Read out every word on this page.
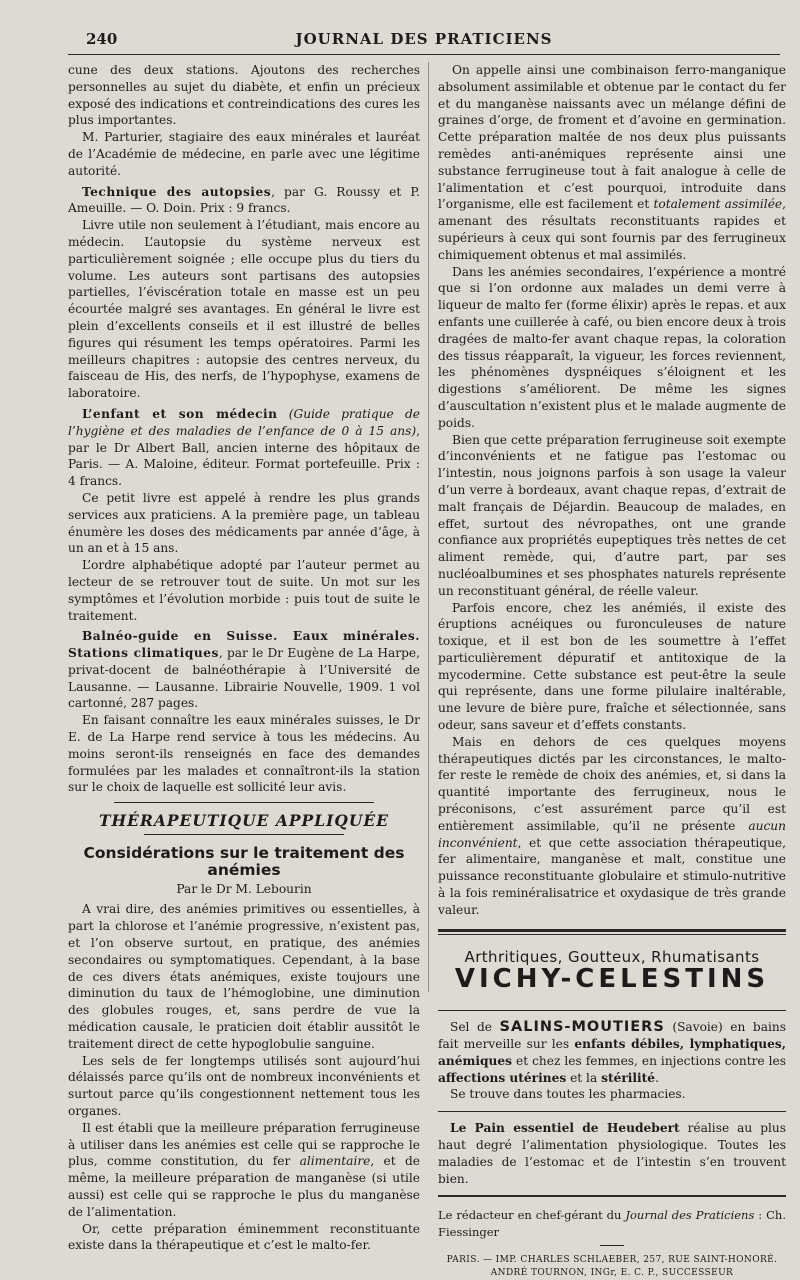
240	JOURNAL DES PRATICIENS

cune des deux stations. Ajoutons des recherches personnelles au sujet du diabète, et enfin un précieux exposé des indications et contreindications des cures les plus importantes.

M. Parturier, stagiaire des eaux minérales et lauréat de l’Académie de médecine, en parle avec une légitime autorité.

Technique des autopsies, par G. Roussy et P. Ameuille. — O. Doin. Prix : 9 francs.

Livre utile non seulement à l’étudiant, mais encore au médecin. L’autopsie du système nerveux est particulièrement soignée ; elle occupe plus du tiers du volume. Les auteurs sont partisans des autopsies partielles, l’éviscération totale en masse est un peu écourtée malgré ses avantages. En général le livre est plein d’excellents conseils et il est illustré de belles figures qui résument les temps opératoires. Parmi les meilleurs chapitres : autopsie des centres nerveux, du faisceau de His, des nerfs, de l’hypophyse, examens de laboratoire.

L’enfant et son médecin (Guide pratique de l’hygiène et des maladies de l’enfance de 0 à 15 ans), par le Dr Albert Ball, ancien interne des hôpitaux de Paris. — A. Maloine, éditeur. Format portefeuille. Prix : 4 francs.

Ce petit livre est appelé à rendre les plus grands services aux praticiens. A la première page, un tableau énumère les doses des médicaments par année d’âge, à un an et à 15 ans.

L’ordre alphabétique adopté par l’auteur permet au lecteur de se retrouver tout de suite. Un mot sur les symptômes et l’évolution morbide : puis tout de suite le traitement.

Balnéo-guide en Suisse. Eaux minérales. Stations climatiques, par le Dr Eugène de La Harpe, privat-docent de balnéothérapie à l’Université de Lausanne. — Lausanne. Librairie Nouvelle, 1909. 1 vol cartonné, 287 pages.

En faisant connaître les eaux minérales suisses, le Dr E. de La Harpe rend service à tous les médecins. Au moins seront-ils renseignés en face des demandes formulées par les malades et connaîtront-ils la station sur le choix de laquelle est sollicité leur avis.

THÉRAPEUTIQUE APPLIQUÉE

Considérations sur le traitement des anémies

Par le Dr M. Lebourin

A vrai dire, des anémies primitives ou essentielles, à part la chlorose et l’anémie progressive, n’existent pas, et l’on observe surtout, en pratique, des anémies secondaires ou symptomatiques. Cependant, à la base de ces divers états anémiques, existe toujours une diminution du taux de l’hémoglobine, une diminution des globules rouges, et, sans perdre de vue la médication causale, le praticien doit établir aussitôt le traitement direct de cette hypoglobulie sanguine.

Les sels de fer longtemps utilisés sont aujourd’hui délaissés parce qu’ils ont de nombreux inconvénients et surtout parce qu’ils congestionnent nettement tous les organes.

Il est établi que la meilleure préparation ferrugineuse à utiliser dans les anémies est celle qui se rapproche le plus, comme constitution, du fer alimentaire, et de même, la meilleure préparation de manganèse (si utile aussi) est celle qui se rapproche le plus du manganèse de l’alimentation.

Or, cette préparation éminemment reconstituante existe dans la thérapeutique et c’est le malto-fer.

On appelle ainsi une combinaison ferro-manganique absolument assimilable et obtenue par le contact du fer et du manganèse naissants avec un mélange défini de graines d’orge, de froment et d’avoine en germination. Cette préparation maltée de nos deux plus puissants remèdes anti-anémiques représente ainsi une substance ferrugineuse tout à fait analogue à celle de l’alimentation et c’est pourquoi, introduite dans l’organisme, elle est facilement et totalement assimilée, amenant des résultats reconstituants rapides et supérieurs à ceux qui sont fournis par des ferrugineux chimiquement obtenus et mal assimilés.

Dans les anémies secondaires, l’expérience a montré que si l’on ordonne aux malades un demi verre à liqueur de malto fer (forme élixir) après le repas. et aux enfants une cuillerée à café, ou bien encore deux à trois dragées de malto-fer avant chaque repas, la coloration des tissus réapparaît, la vigueur, les forces reviennent, les phénomènes dyspnéiques s’éloignent et les digestions s’améliorent. De même les signes d’auscultation n’existent plus et le malade augmente de poids.

Bien que cette préparation ferrugineuse soit exempte d’inconvénients et ne fatigue pas l’estomac ou l’intestin, nous joignons parfois à son usage la valeur d’un verre à bordeaux, avant chaque repas, d’extrait de malt français de Déjardin. Beaucoup de malades, en effet, surtout des névropathes, ont une grande confiance aux propriétés eupeptiques très nettes de cet aliment remède, qui, d’autre part, par ses nucléoalbumines et ses phosphates naturels représente un reconstituant général, de réelle valeur.

Parfois encore, chez les anémiés, il existe des éruptions acnéiques ou furonculeuses de nature toxique, et il est bon de les soumettre à l’effet particulièrement dépuratif et antitoxique de la mycodermine. Cette substance est peut-être la seule qui représente, dans une forme pilulaire inaltérable, une levure de bière pure, fraîche et sélectionnée, sans odeur, sans saveur et d’effets constants.

Mais en dehors de ces quelques moyens thérapeutiques dictés par les circonstances, le malto-fer reste le remède de choix des anémies, et, si dans la quantité importante des ferrugineux, nous le préconisons, c’est assurément parce qu’il est entièrement assimilable, qu’il ne présente aucun inconvénient, et que cette association thérapeutique, fer alimentaire, manganèse et malt, constitue une puissance reconstituante globulaire et stimulo-nutritive à la fois reminéralisatrice et oxydasique de très grande valeur.

Arthritiques, Goutteux, Rhumatisants

VICHY-CELESTINS

Sel de SALINS-MOUTIERS (Savoie) en bains fait merveille sur les enfants débiles, lymphatiques, anémiques et chez les femmes, en injections contre les affections utérines et la stérilité.

Se trouve dans toutes les pharmacies.

Le Pain essentiel de Heudebert réalise au plus haut degré l’alimentation physiologique. Toutes les maladies de l’estomac et de l’intestin s’en trouvent bien.

Le rédacteur en chef-gérant du Journal des Praticiens : Ch. Fiessinger

PARIS. — IMP. CHARLES SCHLAEBER, 257, RUE SAINT-HONORÉ.

ANDRÉ TOURNON, INGr, E. C. P., SUCCESSEUR
